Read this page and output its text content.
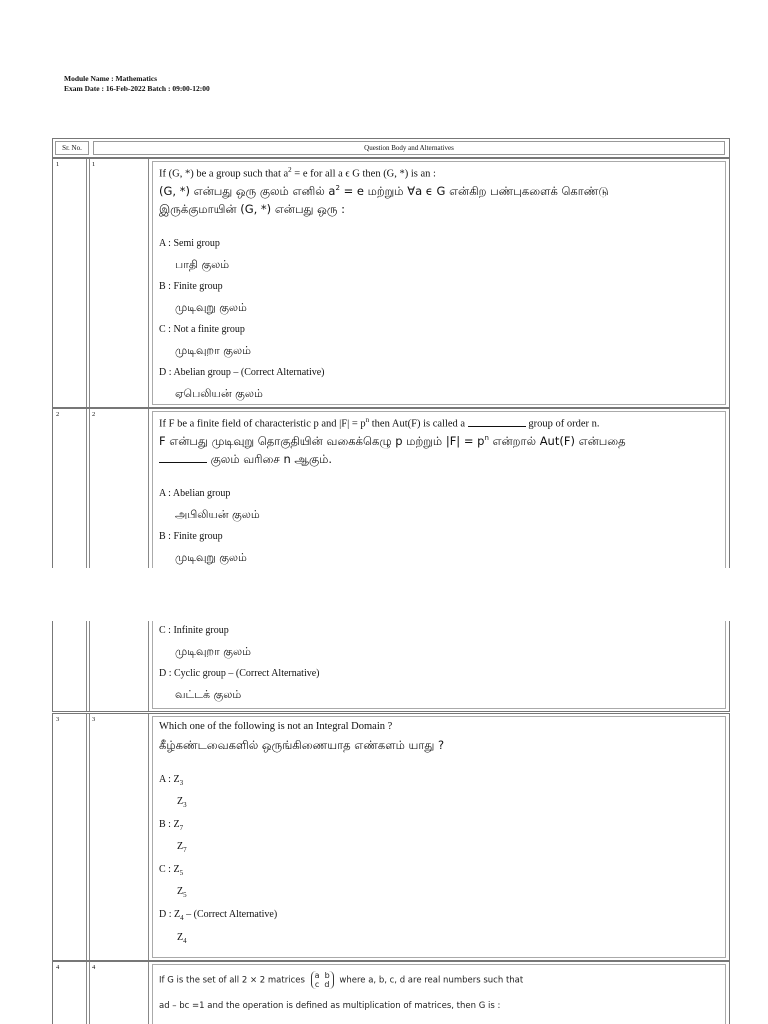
Module Name : Mathematics
Exam Date : 16-Feb-2022 Batch : 09:00-12:00
Sr. No.	Question Body and Alternatives
1	1
If (G, *) be a group such that $a^2 = e$ for all a ϵ G then (G, *) is an :
(G, *) என்பது ஒரு குலம் எனில் $a^2 = e$ மற்றும் ∀a ϵ G என்கிற பண்புகளைக் கொண்டு
இருக்குமாயின் (G, *) என்பது ஒரு :
A : Semi group
பாதி குலம்
B : Finite group
முடிவுறு குலம்
C : Not a finite group
முடிவுறா குலம்
D : Abelian group – (Correct Alternative)
ஏபெலியன் குலம்
2	2
If F be a finite field of characteristic p and $|F| = p^n$ then Aut(F) is called a	group of order n.
F என்பது முடிவுறு தொகுதியின் வகைக்கெழு p மற்றும் $|F| = p^n$ என்றால் Aut(F) என்பதை
குலம் வரிசை n ஆகும்.
A : Abelian group
அபிலியன் குலம்
B : Finite group
முடிவுறு குலம்
C : Infinite group
முடிவுறா குலம்
D : Cyclic group – (Correct Alternative)
வட்டக் குலம்
3	3
Which one of the following is not an Integral Domain ?
கீழ்கண்டவைகளில் ஒருங்கிணையாத எண்களம் யாது ?
A : $Z_3$
$Z_3$
B : $Z_7$
$Z_7$
C : $Z_5$
$Z_5$
D : $Z_4$ – (Correct Alternative)
$Z_4$
4	4
If G is the set of all 2 × 2 matrices a b
c d where a, b, c, d are real numbers such that
ad – bc =1 and the operation is defined as multiplication of matrices, then G is :
